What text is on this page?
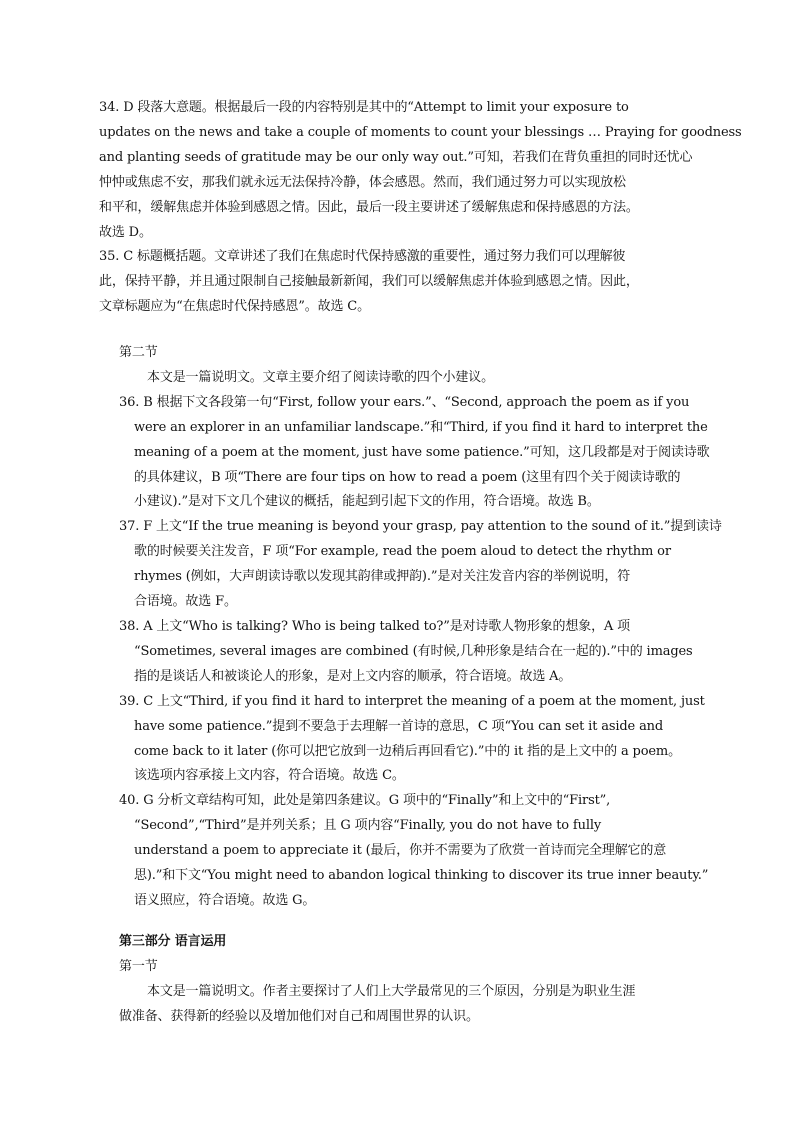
34. D 段落大意题。根据最后一段的内容特别是其中的“Attempt to limit your exposure to
updates on the news and take a couple of moments to count your blessings … Praying for goodness
and planting seeds of gratitude may be our only way out.”可知，若我们在背负重担的同时还忧心
忡忡或焦虑不安，那我们就永远无法保持冷静，体会感恩。然而，我们通过努力可以实现放松
和平和，缓解焦虑并体验到感恩之情。因此，最后一段主要讲述了缓解焦虑和保持感恩的方法。
故选 D。
35. C 标题概括题。文章讲述了我们在焦虑时代保持感激的重要性，通过努力我们可以理解彼
此，保持平静，并且通过限制自己接触最新新闻，我们可以缓解焦虑并体验到感恩之情。因此，
文章标题应为“在焦虑时代保持感恩”。故选 C。
第二节
本文是一篇说明文。文章主要介绍了阅读诗歌的四个小建议。
36. B 根据下文各段第一句“First, follow your ears.”、“Second, approach the poem as if you
were an explorer in an unfamiliar landscape.”和“Third, if you find it hard to interpret the
meaning of a poem at the moment, just have some patience.”可知，这几段都是对于阅读诗歌
的具体建议，B 项“There are four tips on how to read a poem (这里有四个关于阅读诗歌的
小建议).”是对下文几个建议的概括，能起到引起下文的作用，符合语境。故选 B。
37. F 上文“If the true meaning is beyond your grasp, pay attention to the sound of it.”提到读诗
歌的时候要关注发音，F 项“For example, read the poem aloud to detect the rhythm or
rhymes (例如，大声朗读诗歌以发现其韵律或押韵).”是对关注发音内容的举例说明，符
合语境。故选 F。
38. A 上文“Who is talking? Who is being talked to?”是对诗歌人物形象的想象，A 项
“Sometimes, several images are combined (有时候,几种形象是结合在一起的).”中的 images
指的是谈话人和被谈论人的形象，是对上文内容的顺承，符合语境。故选 A。
39. C 上文“Third, if you find it hard to interpret the meaning of a poem at the moment, just
have some patience.”提到不要急于去理解一首诗的意思，C 项“You can set it aside and
come back to it later (你可以把它放到一边稍后再回看它).”中的 it 指的是上文中的 a poem。
该选项内容承接上文内容，符合语境。故选 C。
40. G 分析文章结构可知，此处是第四条建议。G 项中的“Finally”和上文中的“First”,
“Second”,“Third”是并列关系；且 G 项内容“Finally, you do not have to fully
understand a poem to appreciate it (最后，你并不需要为了欣赏一首诗而完全理解它的意
思).”和下文“You might need to abandon logical thinking to discover its true inner beauty.”
语义照应，符合语境。故选 G。
第三部分 语言运用
第一节
本文是一篇说明文。作者主要探讨了人们上大学最常见的三个原因，分别是为职业生涯
做准备、获得新的经验以及增加他们对自己和周围世界的认识。
